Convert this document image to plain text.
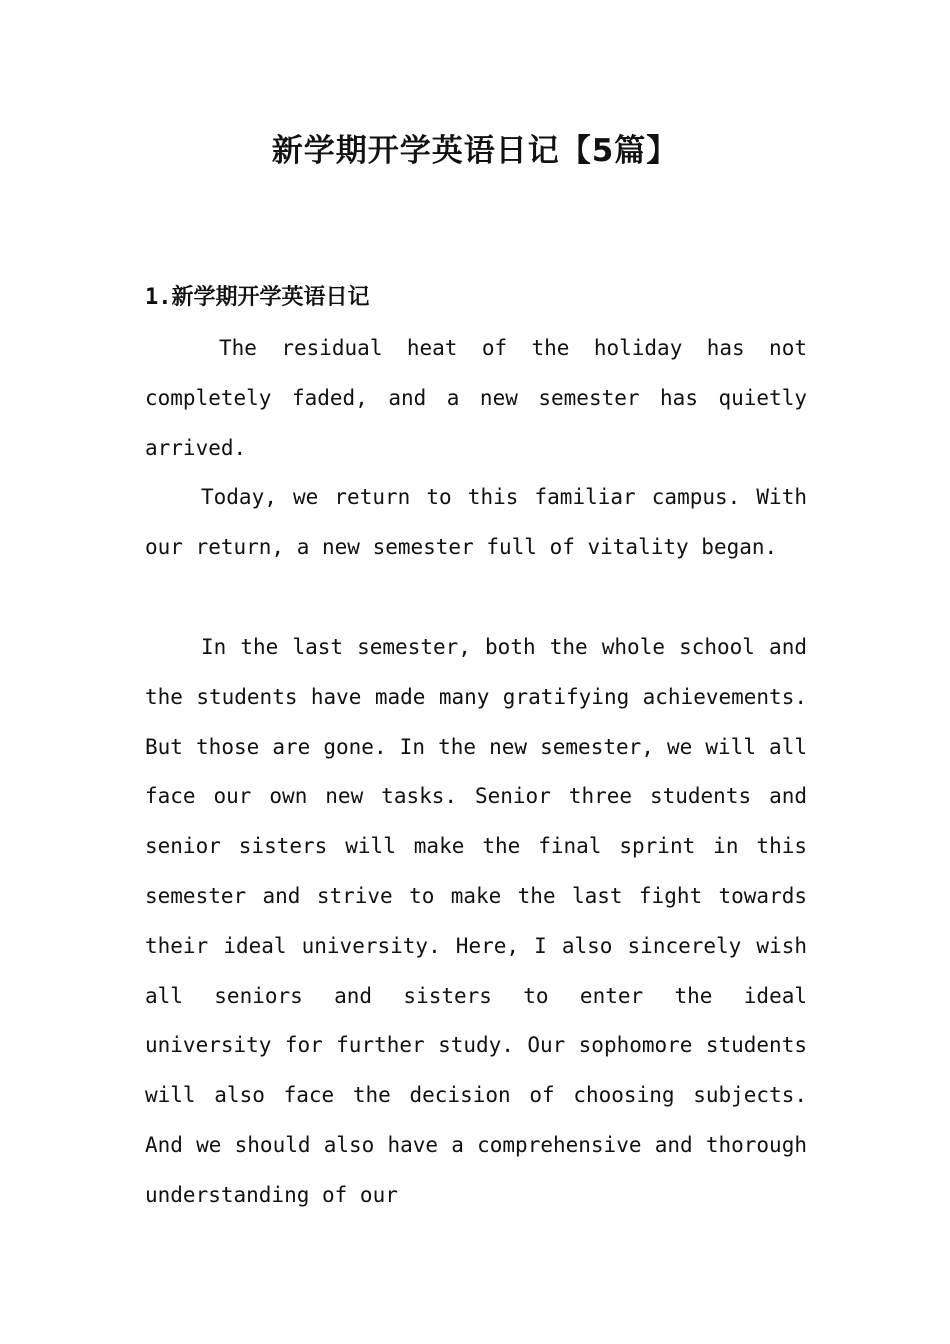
新学期开学英语日记【5篇】
1.新学期开学英语日记

The residual heat of the holiday has not completely faded, and a new semester has quietly arrived.

Today, we return to this familiar campus. With our return, a new semester full of vitality began.

In the last semester, both the whole school and the students have made many gratifying achievements. But those are gone. In the new semester, we will all face our own new tasks. Senior three students and senior sisters will make the final sprint in this semester and strive to make the last fight towards their ideal university. Here, I also sincerely wish all seniors and sisters to enter the ideal university for further study. Our sophomore students will also face the decision of choosing subjects. And we should also have a comprehensive and thorough understanding of our
